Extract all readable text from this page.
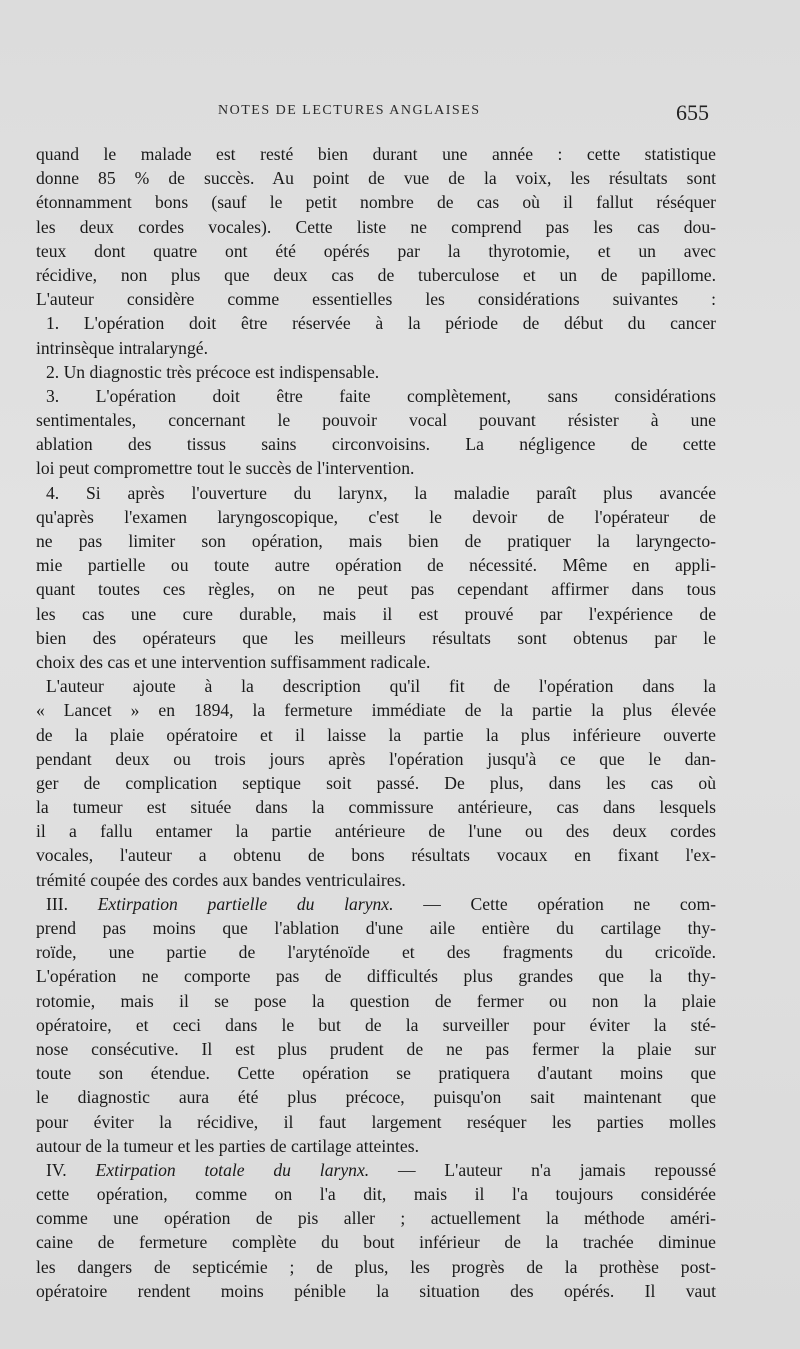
NOTES DE LECTURES ANGLAISES	655
quand le malade est resté bien durant une année : cette statistique
donne 85 % de succès. Au point de vue de la voix, les résultats sont
étonnamment bons (sauf le petit nombre de cas où il fallut réséquer
les deux cordes vocales). Cette liste ne comprend pas les cas dou-
teux dont quatre ont été opérés par la thyrotomie, et un avec
récidive, non plus que deux cas de tuberculose et un de papillome.
L'auteur considère comme essentielles les considérations suivantes :
1. L'opération doit être réservée à la période de début du cancer
intrinsèque intralaryngé.
2. Un diagnostic très précoce est indispensable.
3. L'opération doit être faite complètement, sans considérations
sentimentales, concernant le pouvoir vocal pouvant résister à une
ablation des tissus sains circonvoisins. La négligence de cette
loi peut compromettre tout le succès de l'intervention.
4. Si après l'ouverture du larynx, la maladie paraît plus avancée
qu'après l'examen laryngoscopique, c'est le devoir de l'opérateur de
ne pas limiter son opération, mais bien de pratiquer la laryngecto-
mie partielle ou toute autre opération de nécessité. Même en appli-
quant toutes ces règles, on ne peut pas cependant affirmer dans tous
les cas une cure durable, mais il est prouvé par l'expérience de
bien des opérateurs que les meilleurs résultats sont obtenus par le
choix des cas et une intervention suffisamment radicale.
L'auteur ajoute à la description qu'il fit de l'opération dans la
« Lancet » en 1894, la fermeture immédiate de la partie la plus élevée
de la plaie opératoire et il laisse la partie la plus inférieure ouverte
pendant deux ou trois jours après l'opération jusqu'à ce que le dan-
ger de complication septique soit passé. De plus, dans les cas où
la tumeur est située dans la commissure antérieure, cas dans lesquels
il a fallu entamer la partie antérieure de l'une ou des deux cordes
vocales, l'auteur a obtenu de bons résultats vocaux en fixant l'ex-
trémité coupée des cordes aux bandes ventriculaires.
III. Extirpation partielle du larynx. — Cette opération ne com-
prend pas moins que l'ablation d'une aile entière du cartilage thy-
roïde, une partie de l'aryténoïde et des fragments du cricoïde.
L'opération ne comporte pas de difficultés plus grandes que la thy-
rotomie, mais il se pose la question de fermer ou non la plaie
opératoire, et ceci dans le but de la surveiller pour éviter la sté-
nose consécutive. Il est plus prudent de ne pas fermer la plaie sur
toute son étendue. Cette opération se pratiquera d'autant moins que
le diagnostic aura été plus précoce, puisqu'on sait maintenant que
pour éviter la récidive, il faut largement reséquer les parties molles
autour de la tumeur et les parties de cartilage atteintes.
IV. Extirpation totale du larynx. — L'auteur n'a jamais repoussé
cette opération, comme on l'a dit, mais il l'a toujours considérée
comme une opération de pis aller ; actuellement la méthode améri-
caine de fermeture complète du bout inférieur de la trachée diminue
les dangers de septicémie ; de plus, les progrès de la prothèse post-
opératoire rendent moins pénible la situation des opérés. Il vaut
